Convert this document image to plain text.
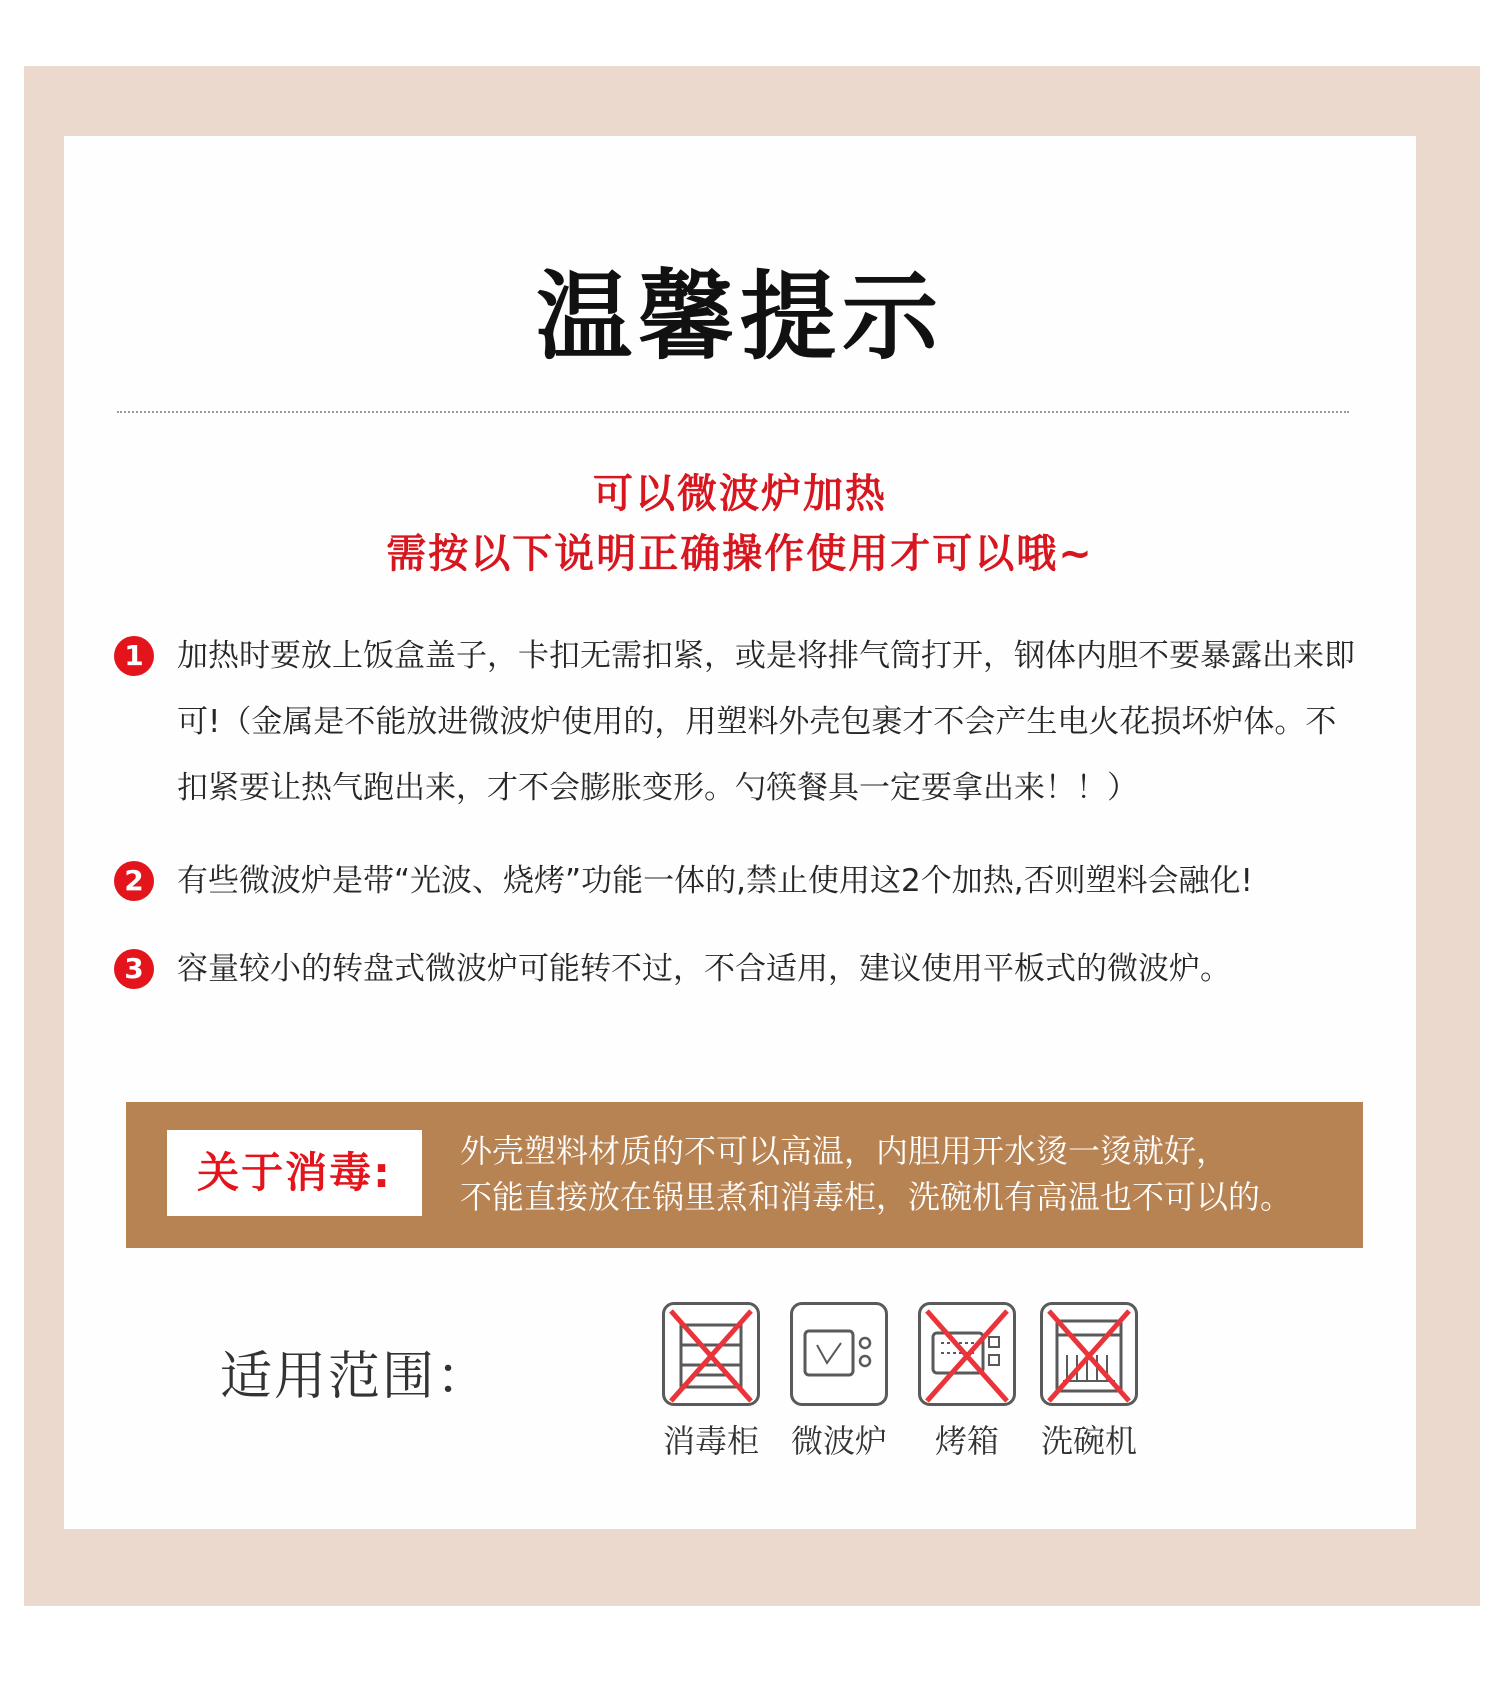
温馨提示
可以微波炉加热
需按以下说明正确操作使用才可以哦~
1	加热时要放上饭盒盖子，卡扣无需扣紧，或是将排气筒打开，钢体内胆不要暴露出来即可!（金属是不能放进微波炉使用的，用塑料外壳包裹才不会产生电火花损坏炉体。不扣紧要让热气跑出来，才不会膨胀变形。勺筷餐具一定要拿出来！！）
2	有些微波炉是带“光波、烧烤”功能一体的,禁止使用这2个加热,否则塑料会融化!
3	容量较小的转盘式微波炉可能转不过，不合适用，建议使用平板式的微波炉。
关于消毒:	外壳塑料材质的不可以高温，内胆用开水烫一烫就好，
不能直接放在锅里煮和消毒柜，洗碗机有高温也不可以的。
适用范围：
消毒柜 微波炉	烤箱	洗碗机
